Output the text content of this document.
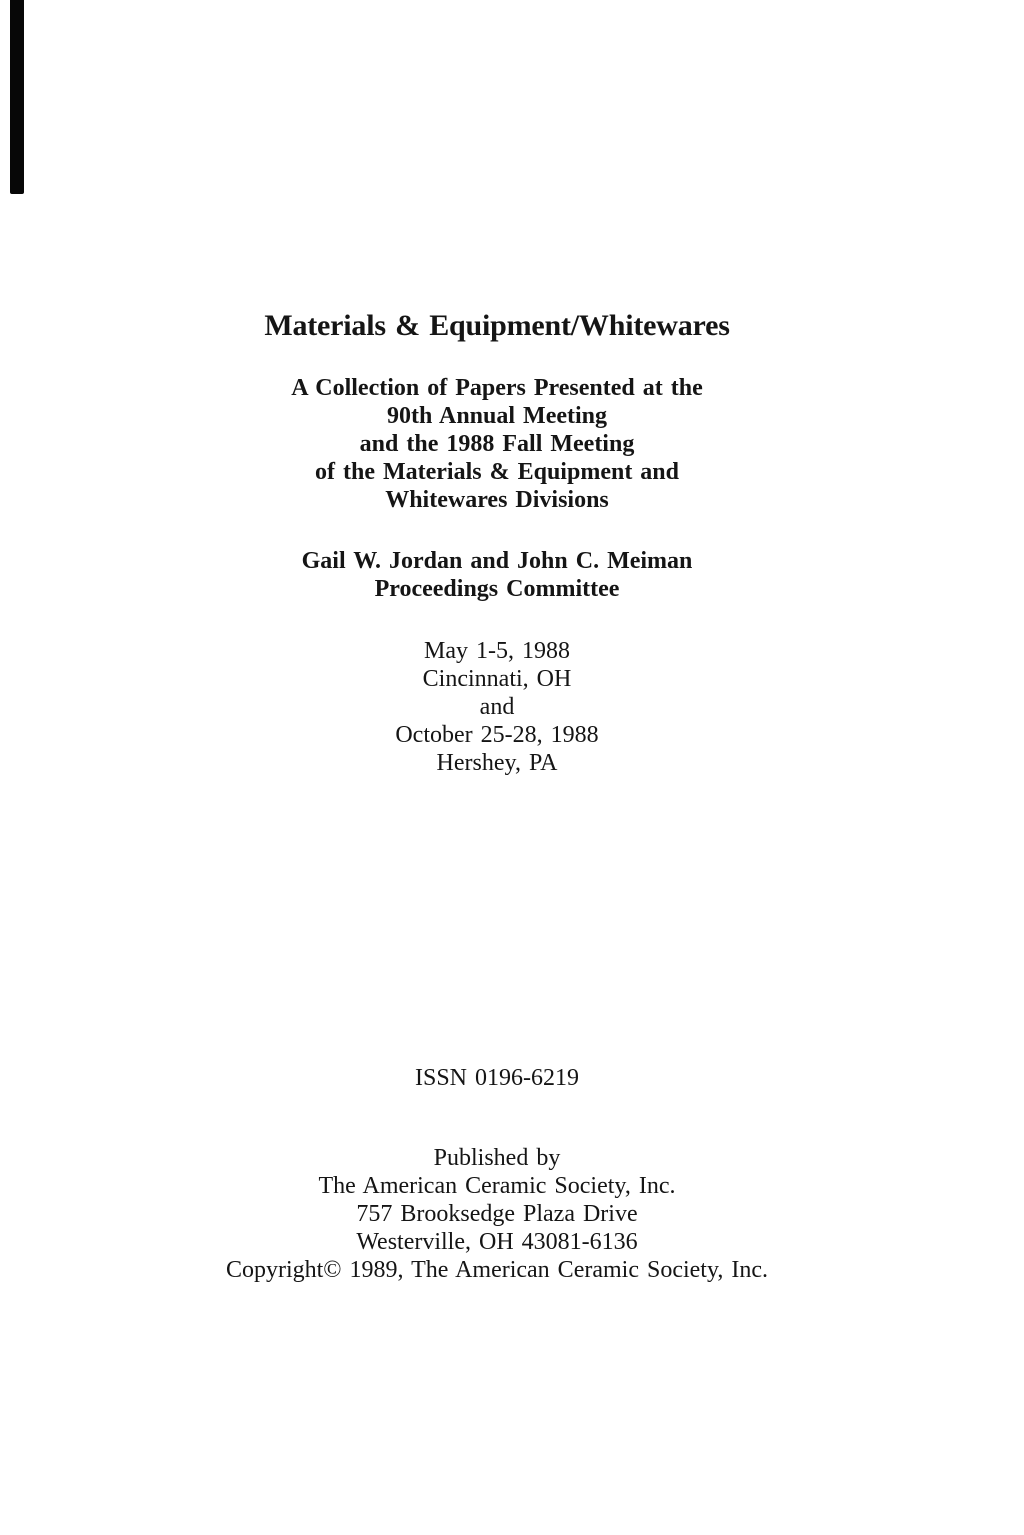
Materials & Equipment/Whitewares
A Collection of Papers Presented at the
90th Annual Meeting
and the 1988 Fall Meeting
of the Materials & Equipment and
Whitewares Divisions
Gail W. Jordan and John C. Meiman
Proceedings Committee
May 1-5, 1988
Cincinnati, OH
and
October 25-28, 1988
Hershey, PA
ISSN 0196-6219
Published by
The American Ceramic Society, Inc.
757 Brooksedge Plaza Drive
Westerville, OH 43081-6136
Copyright© 1989, The American Ceramic Society, Inc.
